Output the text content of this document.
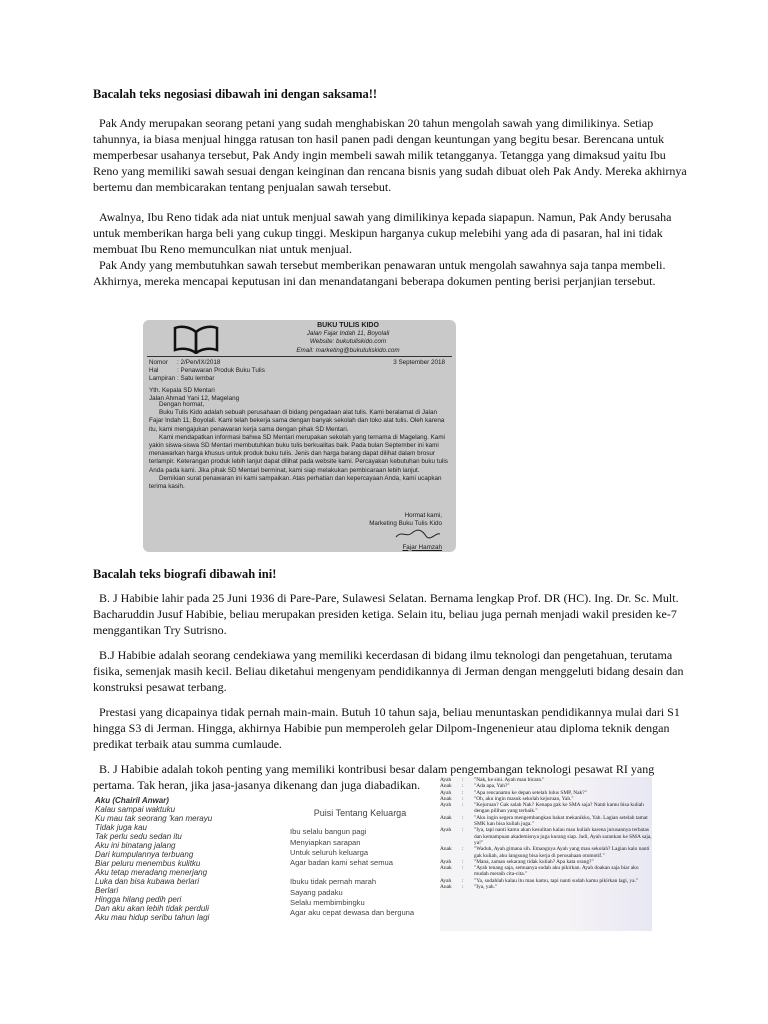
Bacalah teks negosiasi dibawah ini dengan saksama!!

Pak Andy merupakan seorang petani yang sudah menghabiskan 20 tahun mengolah sawah yang dimilikinya. Setiap tahunnya, ia biasa menjual hingga ratusan ton hasil panen padi dengan keuntungan yang begitu besar. Berencana untuk memperbesar usahanya tersebut, Pak Andy ingin membeli sawah milik tetangganya. Tetangga yang dimaksud yaitu Ibu Reno yang memiliki sawah sesuai dengan keinginan dan rencana bisnis yang sudah dibuat oleh Pak Andy. Mereka akhirnya bertemu dan membicarakan tentang penjualan sawah tersebut.

Awalnya, Ibu Reno tidak ada niat untuk menjual sawah yang dimilikinya kepada siapapun. Namun, Pak Andy berusaha untuk memberikan harga beli yang cukup tinggi. Meskipun harganya cukup melebihi yang ada di pasaran, hal ini tidak membuat Ibu Reno memunculkan niat untuk menjual.

Pak Andy yang membutuhkan sawah tersebut memberikan penawaran untuk mengolah sawahnya saja tanpa membeli. Akhirnya, mereka mencapai keputusan ini dan menandatangani beberapa dokumen penting berisi perjanjian tersebut.

BUKU TULIS KIDO
Jalan Fajar Indah 11, Boyolali
Website: bukutuliskido.com
Email: marketing@bukutuliskido.com
Nomor	: 2/Pen/IX/2018	3 September 2018
Hal	: Penawaran Produk Buku Tulis
Lampiran : Satu lembar
Yth. Kepala SD Mentari
Jalan Ahmad Yani 12, Magelang
Dengan hormat,

Buku Tulis Kido adalah sebuah perusahaan di bidang pengadaan alat tulis. Kami beralamat di Jalan Fajar Indah 11, Boyolali. Kami telah bekerja sama dengan banyak sekolah dan toko alat tulis. Oleh karena itu, kami mengajukan penawaran kerja sama dengan pihak SD Mentari.

Kami mendapatkan informasi bahwa SD Mentari merupakan sekolah yang ternama di Magelang. Kami yakin siswa-siswa SD Mentari membutuhkan buku tulis berkualitas baik. Pada bulan September ini kami menawarkan harga khusus untuk produk buku tulis. Jenis dan harga barang dapat dilihat dalam brosur terlampir. Keterangan produk lebih lanjut dapat dilihat pada website kami. Percayakan kebutuhan buku tulis Anda pada kami. Jika pihak SD Mentari berminat, kami siap melakukan pembicaraan lebih lanjut.

Demikian surat penawaran ini kami sampaikan. Atas perhatian dan kepercayaan Anda, kami ucapkan terima kasih.

Hormat kami,
Marketing Buku Tulis Kido
Fajar Hamzah
Bacalah teks biografi dibawah ini!

B. J Habibie lahir pada 25 Juni 1936 di Pare-Pare, Sulawesi Selatan. Bernama lengkap Prof. DR (HC). Ing. Dr. Sc. Mult. Bacharuddin Jusuf Habibie, beliau merupakan presiden ketiga. Selain itu, beliau juga pernah menjadi wakil presiden ke-7 menggantikan Try Sutrisno.

B.J Habibie adalah seorang cendekiawa yang memiliki kecerdasan di bidang ilmu teknologi dan pengetahuan, terutama fisika, semenjak masih kecil. Beliau diketahui mengenyam pendidikannya di Jerman dengan menggeluti bidang desain dan konstruksi pesawat terbang.

Prestasi yang dicapainya tidak pernah main-main. Butuh 10 tahun saja, beliau menuntaskan pendidikannya mulai dari S1 hingga S3 di Jerman. Hingga, akhirnya Habibie pun memperoleh gelar Dilpom-Ingenenieur atau diploma teknik dengan predikat terbaik atau summa cumlaude.

B. J Habibie adalah tokoh penting yang memiliki kontribusi besar dalam pengembangan teknologi pesawat RI yang pertama. Tak heran, jika jasa-jasanya dikenang dan juga diabadikan.

Aku (Chairil Anwar)
Kalau sampai waktuku
Ku mau tak seorang 'kan merayu
Tidak juga kau
Tak perlu sedu sedan itu
Aku ini binatang jalang
Dari kumpulannya terbuang
Biar peluru menembus kulitku
Aku tetap meradang menerjang
Luka dan bisa kubawa berlari
Berlari
Hingga hilang pedih peri
Dan aku akan lebih tidak perduli
Aku mau hidup seribu tahun lagi
Puisi Tentang Keluarga
Ibu selalu bangun pagi
Menyiapkan sarapan
Untuk seluruh keluarga
Agar badan kami sehat semua
Ibuku tidak pernah marah
Sayang padaku
Selalu membimbingku
Agar aku cepat dewasa dan berguna
Ayah	:	"Nak, ke sini. Ayah mau bicara."
Anak	:	"Ada apa, Yah?"
Ayah	:	"Apa rencanamu ke depan setelah lulus SMP, Nak?"
Anak	:	"Oh, aku ingin masuk sekolah kejuruan, Yah."
Ayah	:	"Kejuruan? Gak salah Nak? Kenapa gak ke SMA saja? Nanti kamu bisa kuliah dengan pilihan yang terbaik."
Anak	:	"Aku ingin segera mengembangkan bakat mekanikku, Yah. Lagian setelah tamat SMK kan bisa kuliah juga."
Ayah	:	"Iya, tapi nanti kamu akan kesulitan kalau mau kuliah karena jurusannya terbatas dan kemampuan akademisnya juga kurang siap. Jadi, Ayah sarankan ke SMA saja, ya!"
Anak	:	"Waduh, Ayah gimana sih. Emangnya Ayah yang mau sekolah? Lagian kalo nanti gak kuliah, aku langsung bisa kerja di perusahaan otomotif."
Ayah	:	"Mana, zaman sekarang tidak kuliah? Apa kata orang?"
Anak	:	"Ayah tenang saja, semuanya sudah aku pikirkan. Ayah doakan saja biar aku mudah meraih cita-cita."
Ayah	:	"Ya, sudahlah kalau itu mau kamu, tapi nanti sudah kamu pikirkan lagi, ya."
Anak	:	"Iya, yah."
